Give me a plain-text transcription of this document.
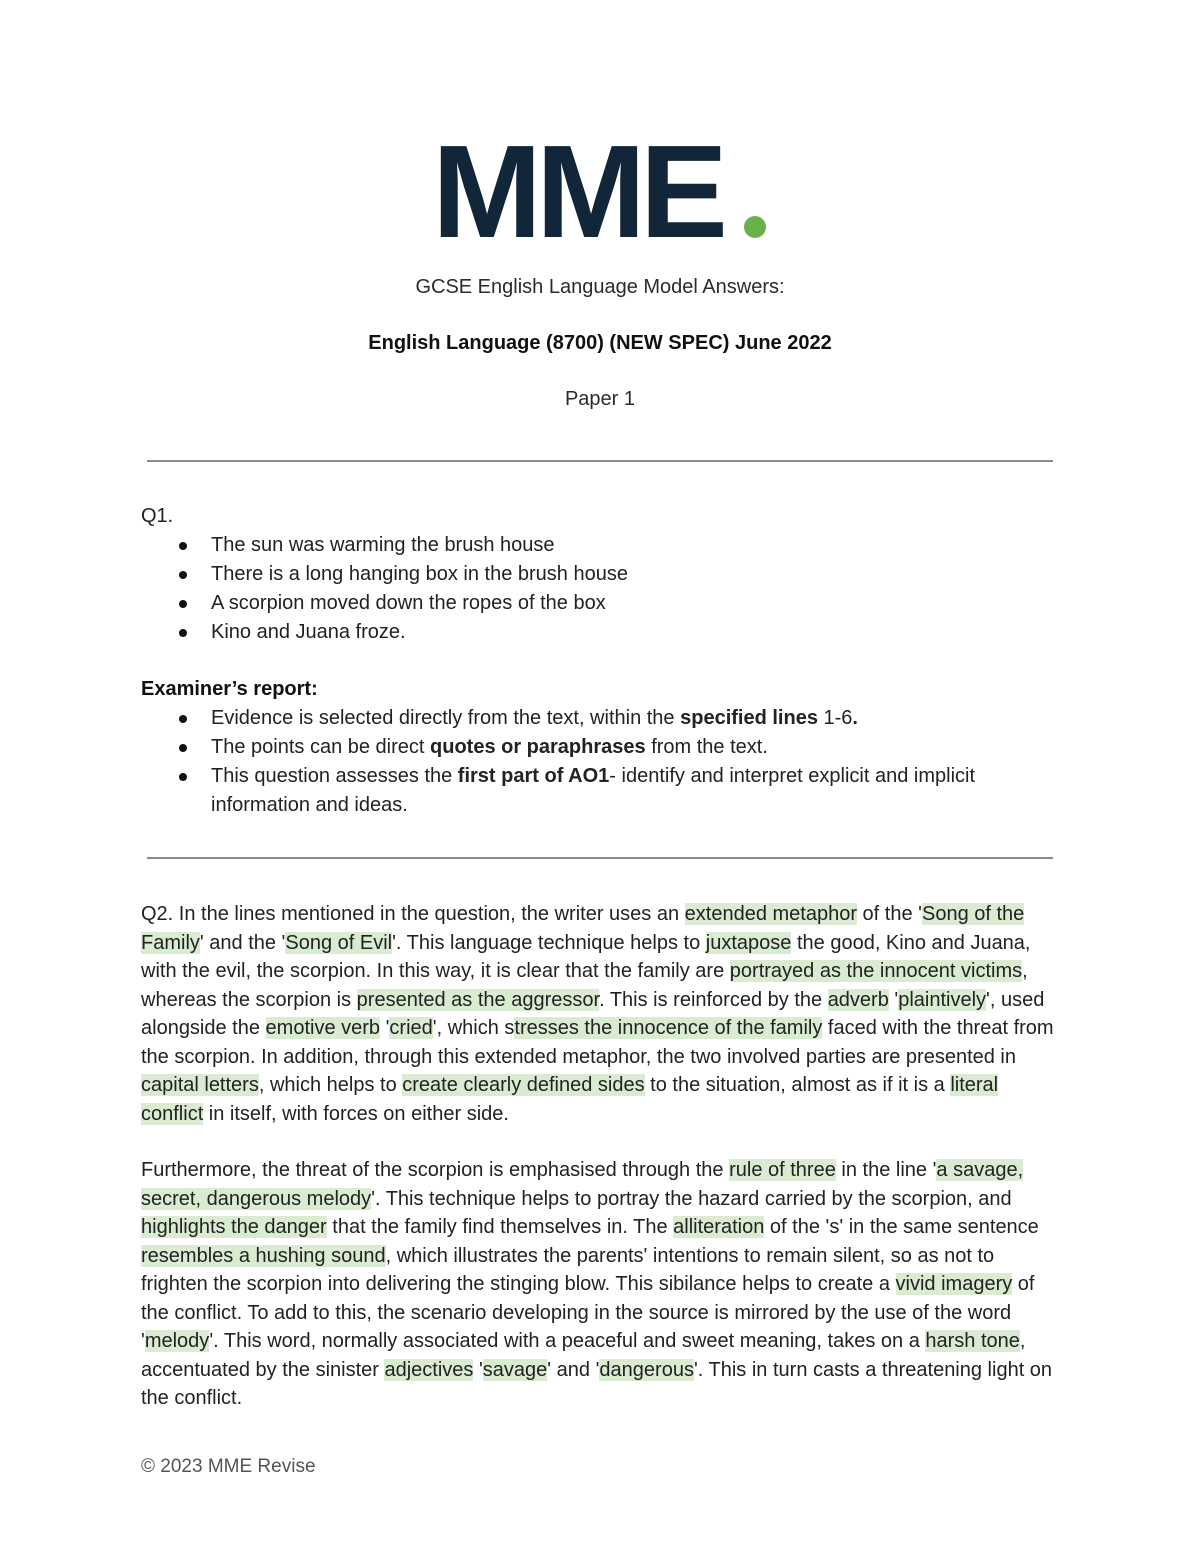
MME
GCSE English Language Model Answers:
English Language (8700) (NEW SPEC) June 2022
Paper 1

Q1.

The sun was warming the brush house
There is a long hanging box in the brush house
A scorpion moved down the ropes of the box
Kino and Juana froze.
Examiner’s report:
Evidence is selected directly from the text, within the specified lines 1-6.
The points can be direct quotes or paraphrases from the text.
This question assesses the first part of AO1- identify and interpret explicit and implicit information and ideas.

Q2. In the lines mentioned in the question, the writer uses an extended metaphor of the 'Song of the Family' and the 'Song of Evil'. This language technique helps to juxtapose the good, Kino and Juana, with the evil, the scorpion. In this way, it is clear that the family are portrayed as the innocent victims, whereas the scorpion is presented as the aggressor. This is reinforced by the adverb 'plaintively', used alongside the emotive verb 'cried', which stresses the innocence of the family faced with the threat from the scorpion. In addition, through this extended metaphor, the two involved parties are presented in capital letters, which helps to create clearly defined sides to the situation, almost as if it is a literal conflict in itself, with forces on either side.

Furthermore, the threat of the scorpion is emphasised through the rule of three in the line 'a savage, secret, dangerous melody'. This technique helps to portray the hazard carried by the scorpion, and highlights the danger that the family find themselves in. The alliteration of the 's' in the same sentence resembles a hushing sound, which illustrates the parents' intentions to remain silent, so as not to frighten the scorpion into delivering the stinging blow. This sibilance helps to create a vivid imagery of the conflict. To add to this, the scenario developing in the source is mirrored by the use of the word 'melody'. This word, normally associated with a peaceful and sweet meaning, takes on a harsh tone, accentuated by the sinister adjectives 'savage' and 'dangerous'. This in turn casts a threatening light on the conflict.

© 2023 MME Revise
